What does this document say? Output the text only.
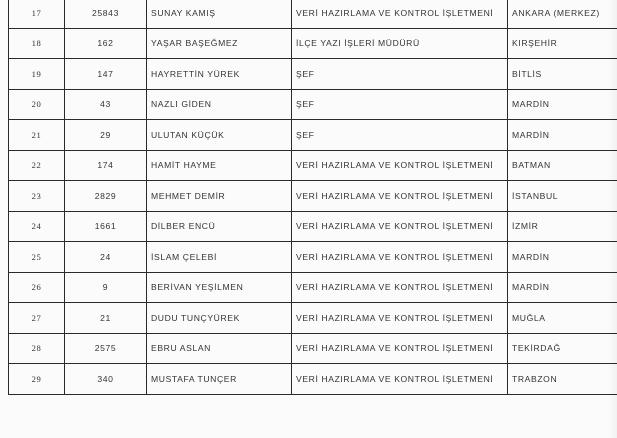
17	25843	SUNAY KAMIŞ	VERİ HAZIRLAMA VE KONTROL İŞLETMENİ	ANKARA (MERKEZ)
18	162	YAŞAR BAŞEĞMEZ	İLÇE YAZI İŞLERİ MÜDÜRÜ	KIRŞEHİR
19	147	HAYRETTİN YÜREK	ŞEF	BİTLİS
20	43	NAZLI GİDEN	ŞEF	MARDİN
21	29	ULUTAN KÜÇÜK	ŞEF	MARDİN
22	174	HAMİT HAYME	VERİ HAZIRLAMA VE KONTROL İŞLETMENİ	BATMAN
23	2829	MEHMET DEMİR	VERİ HAZIRLAMA VE KONTROL İŞLETMENİ	İSTANBUL
24	1661	DİLBER ENCÜ	VERİ HAZIRLAMA VE KONTROL İŞLETMENİ	İZMİR
25	24	İSLAM ÇELEBİ	VERİ HAZIRLAMA VE KONTROL İŞLETMENİ	MARDİN
26	9	BERİVAN YEŞİLMEN	VERİ HAZIRLAMA VE KONTROL İŞLETMENİ	MARDİN
27	21	DUDU TUNÇYÜREK	VERİ HAZIRLAMA VE KONTROL İŞLETMENİ	MUĞLA
28	2575	EBRU ASLAN	VERİ HAZIRLAMA VE KONTROL İŞLETMENİ	TEKİRDAĞ
29	340	MUSTAFA TUNÇER	VERİ HAZIRLAMA VE KONTROL İŞLETMENİ	TRABZON
